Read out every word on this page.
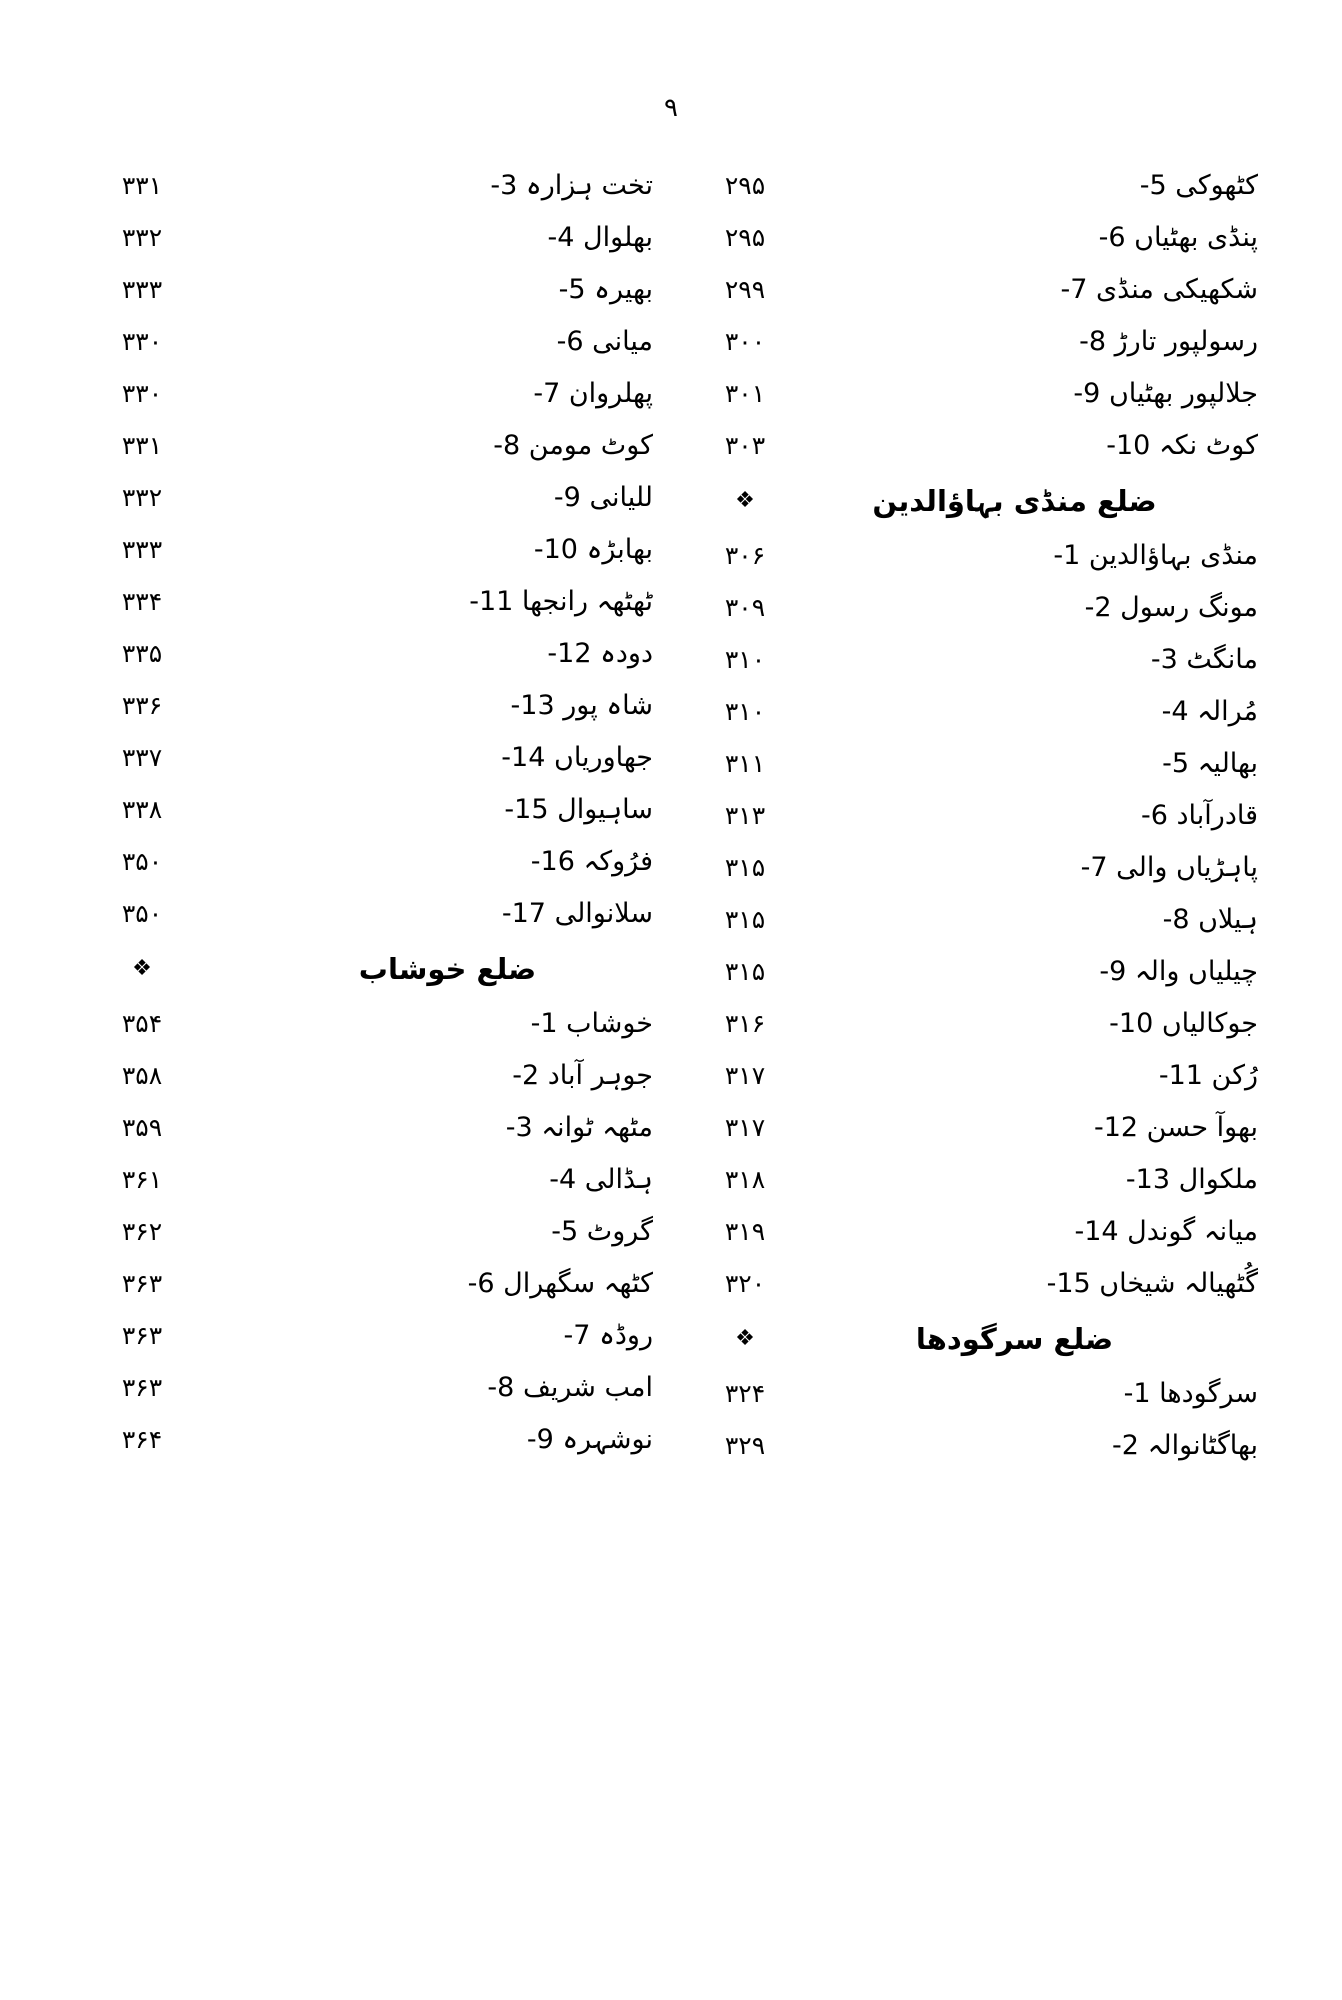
۹
کٹھوکی 5-
۲۹۵
پنڈی بھٹیاں 6-
۲۹۵
شکھیکی منڈی 7-
۲۹۹
رسولپور تارڑ 8-
۳۰۰
جلالپور بھٹیاں 9-
۳۰۱
کوٹ نکہ 10-
۳۰۳
ضلع منڈی بہاؤالدین
❖
منڈی بہاؤالدین 1-
۳۰۶
مونگ رسول 2-
۳۰۹
مانگٹ 3-
۳۱۰
مُرالہ 4-
۳۱۰
بھالیہ 5-
۳۱۱
قادرآباد 6-
۳۱۳
پاہڑیاں والی 7-
۳۱۵
ہیلاں 8-
۳۱۵
چیلیاں والہ 9-
۳۱۵
جوکالیاں 10-
۳۱۶
رُکن 11-
۳۱۷
بھوآ حسن 12-
۳۱۷
ملکوال 13-
۳۱۸
میانہ گوندل 14-
۳۱۹
گُٹھیالہ شیخاں 15-
۳۲۰
ضلع سرگودھا
❖
سرگودھا 1-
۳۲۴
بھاگٹانوالہ 2-
۳۲۹
تخت ہزارہ 3-
۳۳۱
بھلوال 4-
۳۳۲
بھیرہ 5-
۳۳۳
میانی 6-
۳۳۰
پھلروان 7-
۳۳۰
کوٹ مومن 8-
۳۳۱
للیانی 9-
۳۳۲
بھابڑہ 10-
۳۳۳
ٹھٹھہ رانجھا 11-
۳۳۴
دودہ 12-
۳۳۵
شاہ پور 13-
۳۳۶
جھاوریاں 14-
۳۳۷
ساہیوال 15-
۳۳۸
فرُوکہ 16-
۳۵۰
سلانوالی 17-
۳۵۰
ضلع خوشاب
❖
خوشاب 1-
۳۵۴
جوہر آباد 2-
۳۵۸
مٹھہ ٹوانہ 3-
۳۵۹
ہڈالی 4-
۳۶۱
گروٹ 5-
۳۶۲
کٹھہ سگھرال 6-
۳۶۳
روڈہ 7-
۳۶۳
امب شریف 8-
۳۶۳
نوشہرہ 9-
۳۶۴
